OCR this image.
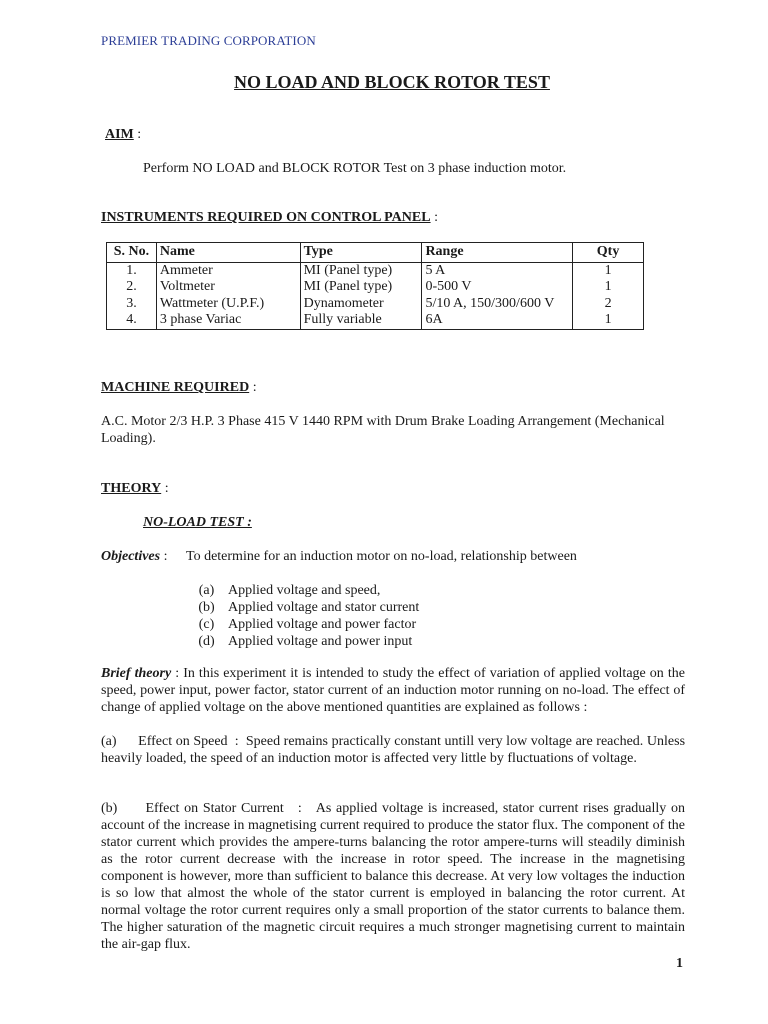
PREMIER TRADING CORPORATION
NO LOAD AND BLOCK ROTOR TEST
AIM :
Perform NO LOAD and BLOCK ROTOR Test on 3 phase induction motor.
INSTRUMENTS REQUIRED ON CONTROL PANEL :
S. No.	Name	Type	Range	Qty
1.	Ammeter	MI (Panel type)	5 A	1
2.	Voltmeter	MI (Panel type)	0-500 V	1
3.	Wattmeter (U.P.F.)	Dynamometer	5/10 A, 150/300/600 V	2
4.	3 phase Variac	Fully variable	6A	1
MACHINE REQUIRED :
A.C. Motor 2/3 H.P. 3 Phase 415 V 1440 RPM with Drum Brake Loading Arrangement (Mechanical Loading).
THEORY :
NO-LOAD TEST :
Objectives : To determine for an induction motor on no-load, relationship between
(a) Applied voltage and speed,
(b) Applied voltage and stator current
(c) Applied voltage and power factor
(d) Applied voltage and power input
Brief theory : In this experiment it is intended to study the effect of variation of applied voltage on the speed, power input, power factor, stator current of an induction motor running on no-load. The effect of change of applied voltage on the above mentioned quantities are explained as follows :
(a) Effect on Speed  :  Speed remains practically constant untill very low voltage are reached. Unless heavily loaded, the speed of an induction motor is affected very little by fluctuations of voltage.
(b) Effect on Stator Current   :   As applied voltage is increased, stator current rises gradually on account of the increase in magnetising current required to produce the stator flux. The component of the stator current which provides the ampere-turns balancing the rotor ampere-turns will steadily diminish as the rotor current decrease with the increase in rotor speed. The increase in the magnetising component is however, more than sufficient to balance this decrease. At very low voltages the induction is so low that almost the whole of the stator current is employed in balancing the rotor current. At normal voltage the rotor current requires only a small proportion of the stator currents to balance them. The higher saturation of the magnetic circuit requires a much stronger magnetising current to maintain the air-gap flux.
1
